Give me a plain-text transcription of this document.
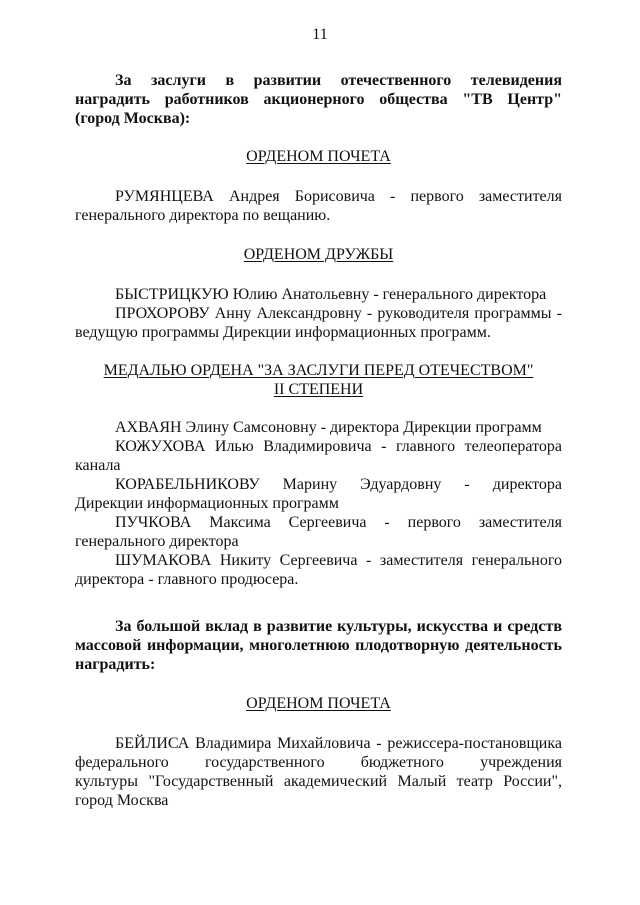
11
За заслуги в развитии отечественного телевидения
наградить работников акционерного общества "ТВ Центр"
(город Москва):
ОРДЕНОМ ПОЧЕТА
РУМЯНЦЕВА Андрея Борисовича - первого заместителя
генерального директора по вещанию.
ОРДЕНОМ ДРУЖБЫ
БЫСТРИЦКУЮ Юлию Анатольевну - генерального директора
ПРОХОРОВУ Анну Александровну - руководителя программы -
ведущую программы Дирекции информационных программ.
МЕДАЛЬЮ ОРДЕНА "ЗА ЗАСЛУГИ ПЕРЕД ОТЕЧЕСТВОМ"
II СТЕПЕНИ
АХВАЯН Элину Самсоновну - директора Дирекции программ
КОЖУХОВА Илью Владимировича - главного телеоператора
канала
КОРАБЕЛЬНИКОВУ Марину Эдуардовну - директора
Дирекции информационных программ
ПУЧКОВА Максима Сергеевича - первого заместителя
генерального директора
ШУМАКОВА Никиту Сергеевича - заместителя генерального
директора - главного продюсера.
За большой вклад в развитие культуры, искусства и средств
массовой информации, многолетнюю плодотворную деятельность
наградить:
ОРДЕНОМ ПОЧЕТА
БЕЙЛИСА Владимира Михайловича - режиссера-постановщика
федерального государственного бюджетного учреждения
культуры "Государственный академический Малый театр России",
город Москва
